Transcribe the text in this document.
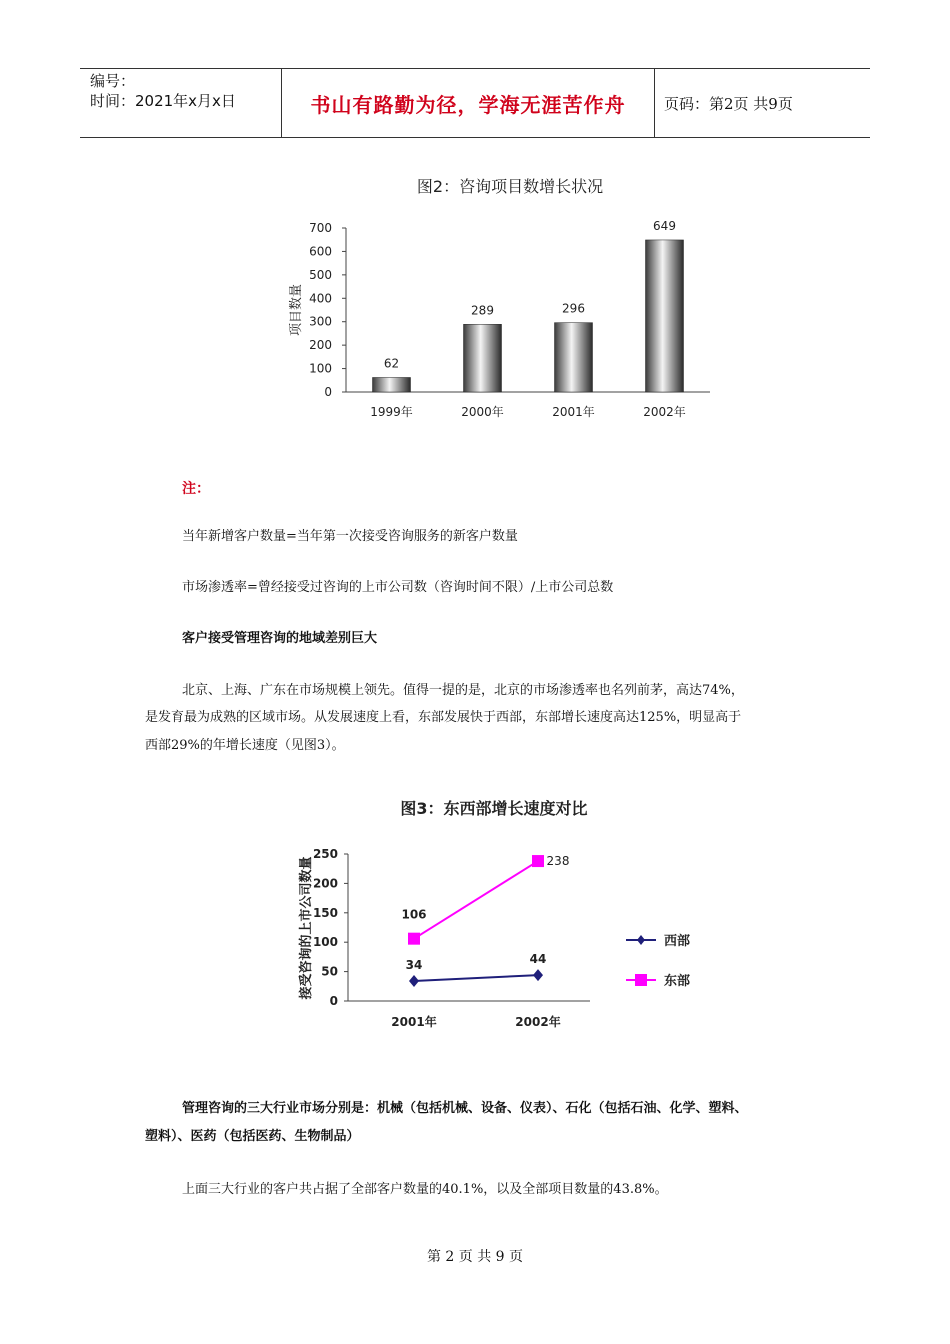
编号：
时间：2021年x月x日	书山有路勤为径，学海无涯苦作舟	页码：第2页 共9页
图2：咨询项目数增长状况
项目数量
0
100
200
300
400
500
600
700
1999年	2000年	2001年	2002年
62
289	296
649
注：
当年新增客户数量=当年第一次接受咨询服务的新客户数量
市场渗透率=曾经接受过咨询的上市公司数（咨询时间不限）/上市公司总数
客户接受管理咨询的地域差别巨大
北京、上海、广东在市场规模上领先。值得一提的是，北京的市场渗透率也名列前茅，高达74%，
是发育最为成熟的区域市场。从发展速度上看，东部发展快于西部，东部增长速度高达125%，明显高于
西部29%的年增长速度（见图3）。
图3：东西部增长速度对比
接受咨询的上市公司数量
0
50
100
150
200
250
2001年	2002年
34	44
106
238
西部
东部
管理咨询的三大行业市场分别是：机械（包括机械、设备、仪表）、石化（包括石油、化学、塑料、
塑料）、医药（包括医药、生物制品）
上面三大行业的客户共占据了全部客户数量的40.1%，以及全部项目数量的43.8%。
第 2 页 共 9 页
